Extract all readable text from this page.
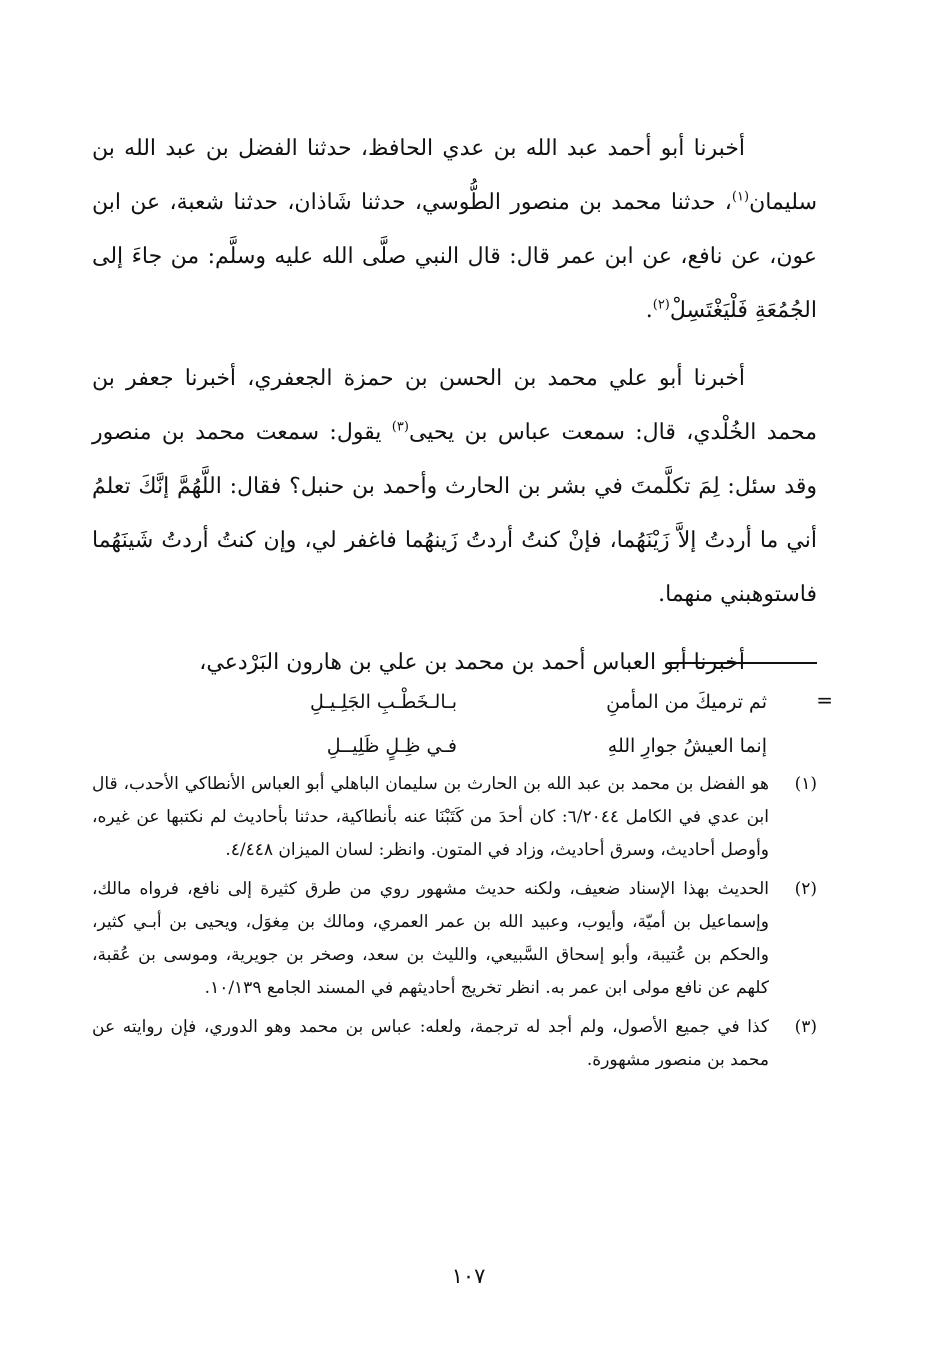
أخبرنا أبو أحمد عبد الله بن عدي الحافظ، حدثنا الفضل بن عبد الله بن سليمان$^{(١)}$، حدثنا محمد بن منصور الطُّوسي، حدثنا شَاذان، حدثنا شعبة، عن ابن عون، عن نافع، عن ابن عمر قال: قال النبي صلَّى الله عليه وسلَّم: من جاءَ إلى الجُمُعَةِ فَلْيَغْتَسِلْ$^{(٢)}$.

أخبرنا أبو علي محمد بن الحسن بن حمزة الجعفري، أخبرنا جعفر بن محمد الخُلْدي، قال: سمعت عباس بن يحيى$^{(٣)}$ يقول: سمعت محمد بن منصور وقد سئل: لِمَ تكلَّمتَ في بشر بن الحارث وأحمد بن حنبل؟ فقال: اللَّهُمَّ إنَّكَ تعلمُ أني ما أردتُ إلاَّ زَيْنَهُما، فإنْ كنتُ أردتُ زَينهُما فاغفر لي، وإن كنتُ أردتُ شَينَهُما فاستوهبني منهما.

أخبرنا أبو العباس أحمد بن محمد بن علي بن هارون البَرْدعي،

=
ثم ترميكَ من المأمنِ
بـالـخَطْـبِ الجَلِـيـلِ
إنما العيشُ جوارِ اللهِ
فـي ظِـلٍ ظَلِيــلِ
(١)
هو الفضل بن محمد بن عبد الله بن الحارث بن سليمان الباهلي أبو العباس الأنطاكي الأحدب، قال ابن عدي في الكامل ٦/٢٠٤٤: كان أحدَ من كَتَبْنَا عنه بأنطاكية، حدثنا بأحاديث لم نكتبها عن غيره، وأوصل أحاديث، وسرق أحاديث، وزاد في المتون. وانظر: لسان الميزان ٤/٤٤٨.
(٢)
الحديث بهذا الإسناد ضعيف، ولكنه حديث مشهور روي من طرق كثيرة إلى نافع، فرواه مالك، وإسماعيل بن أميّة، وأيوب، وعبيد الله بن عمر العمري، ومالك بن مِغوَل، ويحيى بن أبـي كثير، والحكم بن عُتيبة، وأبو إسحاق السَّبيعي، والليث بن سعد، وصخر بن جويرية، وموسى بن عُقبة، كلهم عن نافع مولى ابن عمر به. انظر تخريج أحاديثهم في المسند الجامع ١٠/١٣٩.
(٣)
كذا في جميع الأصول، ولم أجد له ترجمة، ولعله: عباس بن محمد وهو الدوري، فإن روايته عن محمد بن منصور مشهورة.
١٠٧
